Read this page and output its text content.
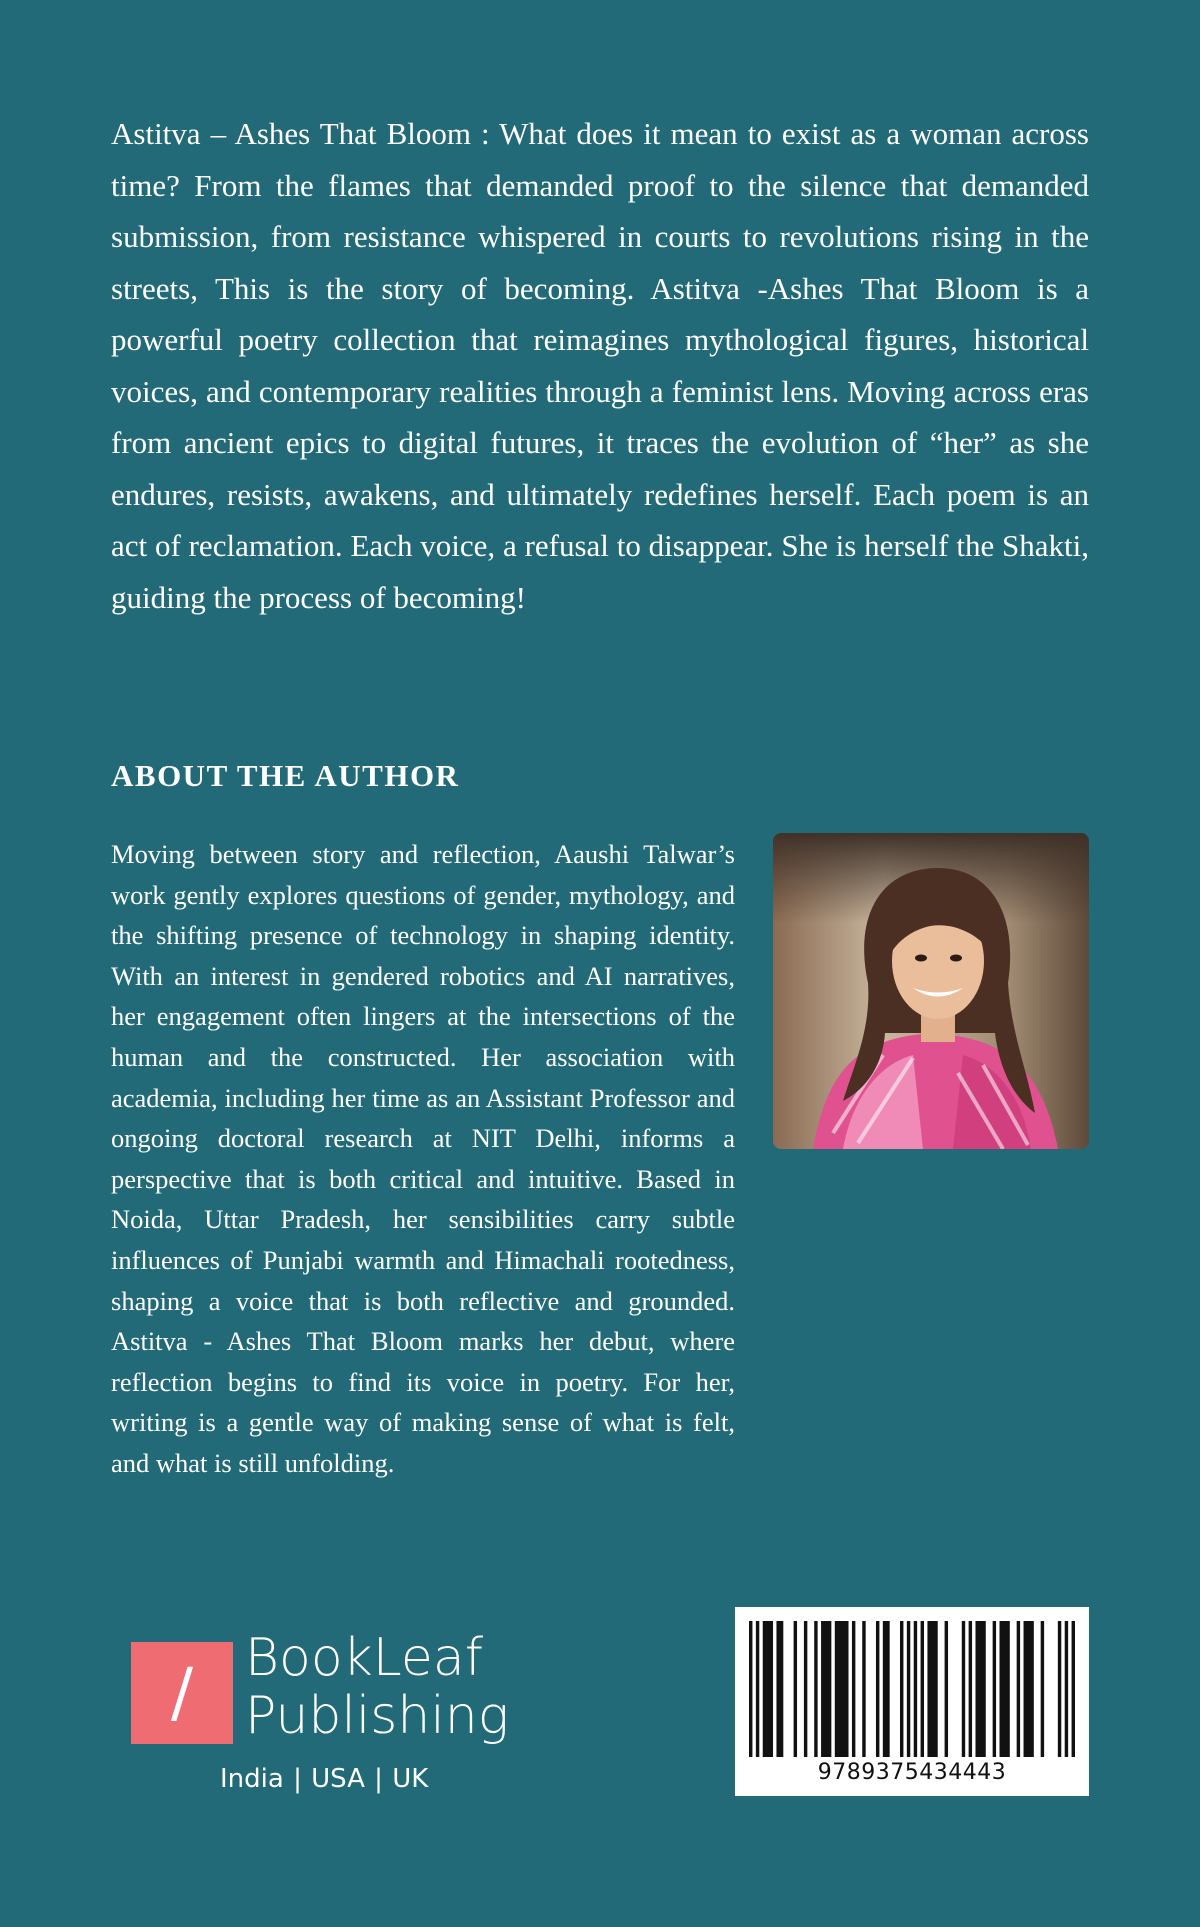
Astitva – Ashes That Bloom : What does it mean to exist as a woman across time? From the flames that demanded proof to the silence that demanded submission, from resistance whispered in courts to revolutions rising in the streets, This is the story of becoming. Astitva -Ashes That Bloom is a powerful poetry collection that reimagines mythological figures, historical voices, and contemporary realities through a feminist lens. Moving across eras from ancient epics to digital futures, it traces the evolution of “her” as she endures, resists, awakens, and ultimately redefines herself. Each poem is an act of reclamation. Each voice, a refusal to disappear. She is herself the Shakti, guiding the process of becoming!

ABOUT THE AUTHOR

Moving between story and reflection, Aaushi Talwar’s work gently explores questions of gender, mythology, and the shifting presence of technology in shaping identity. With an interest in gendered robotics and AI narratives, her engagement often lingers at the intersections of the human and the constructed. Her association with academia, including her time as an Assistant Professor and ongoing doctoral research at NIT Delhi, informs a perspective that is both critical and intuitive. Based in Noida, Uttar Pradesh, her sensibilities carry subtle influences of Punjabi warmth and Himachali rootedness, shaping a voice that is both reflective and grounded. Astitva - Ashes That Bloom marks her debut, where reflection begins to find its voice in poetry. For her, writing is a gentle way of making sense of what is felt, and what is still unfolding.

/ BookLeaf
Publishing
India | USA | UK	9789375434443
